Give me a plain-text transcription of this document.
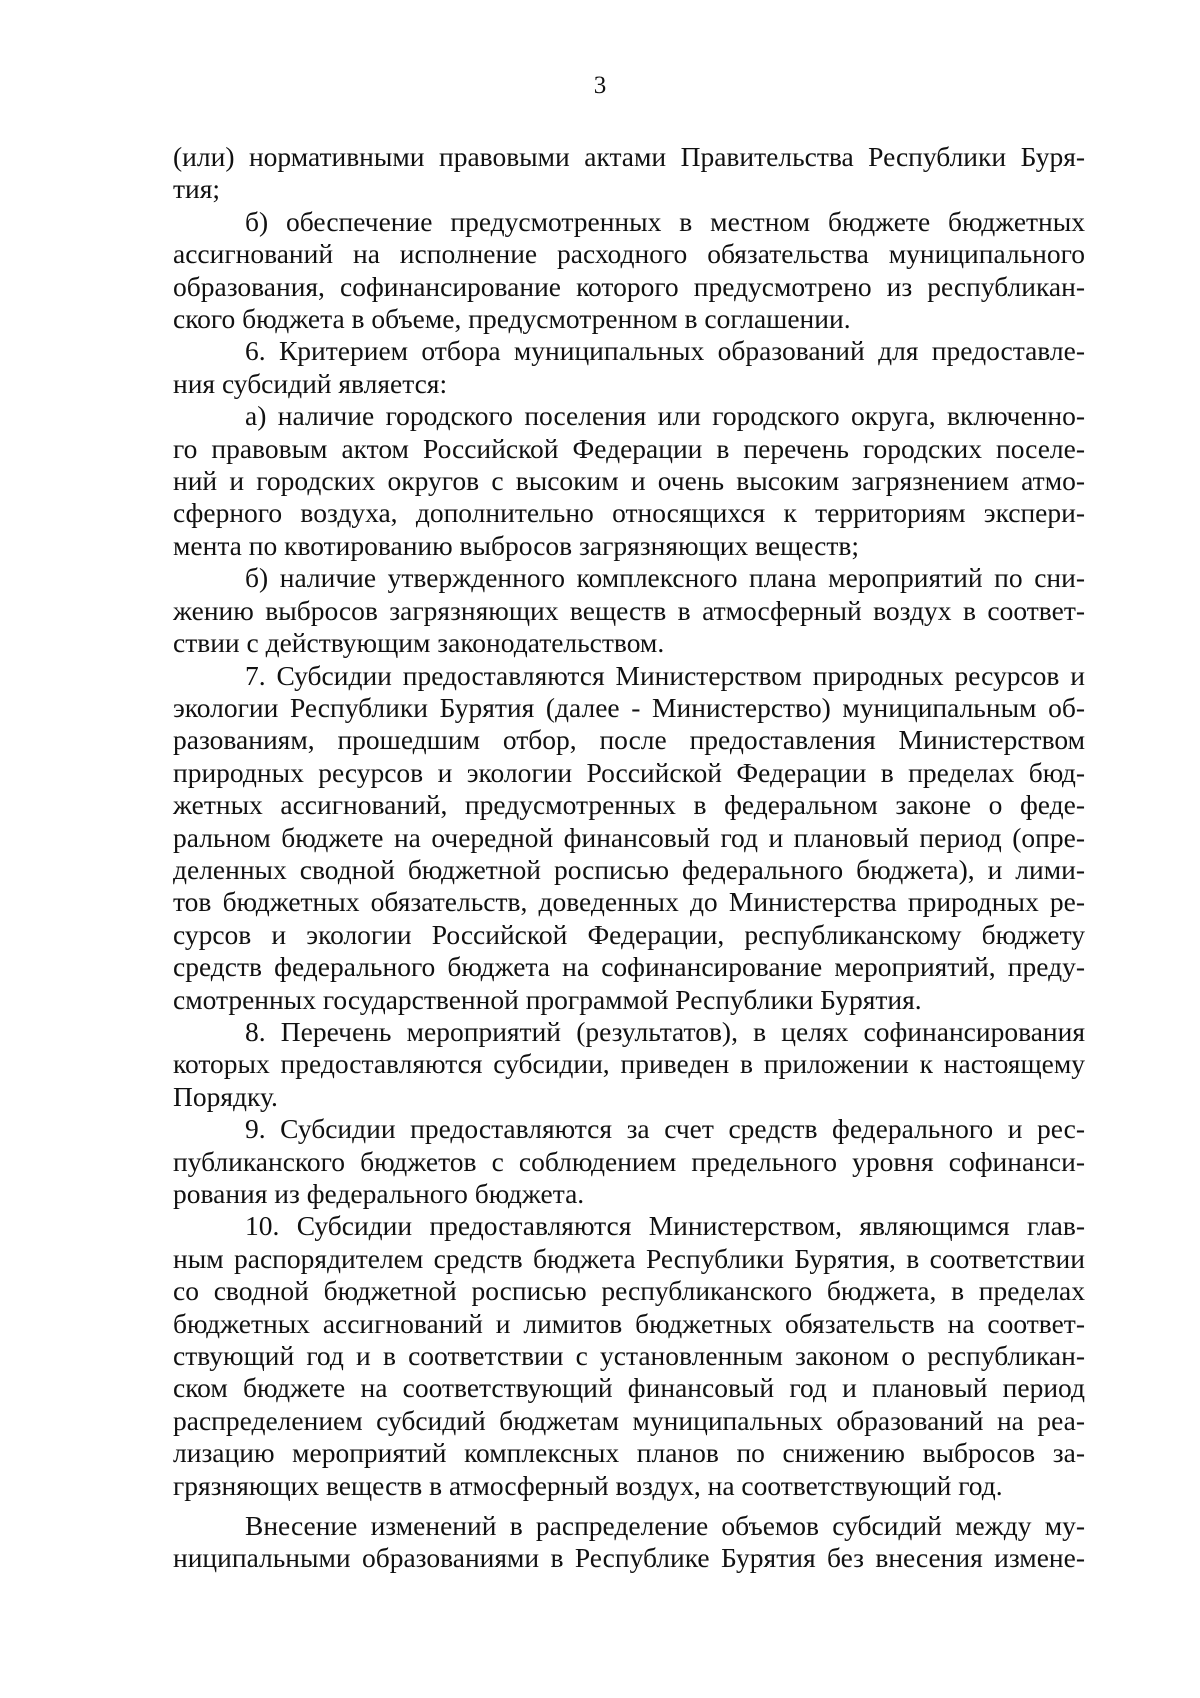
3

(или) нормативными правовыми актами Правительства Республики Буря-

тия;

б) обеспечение предусмотренных в местном бюджете бюджетных

ассигнований на исполнение расходного обязательства муниципального

образования, софинансирование которого предусмотрено из республикан-

ского бюджета в объеме, предусмотренном в соглашении.

6. Критерием отбора муниципальных образований для предоставле-

ния субсидий является:

а) наличие городского поселения или городского округа, включенно-

го правовым актом Российской Федерации в перечень городских поселе-

ний и городских округов с высоким и очень высоким загрязнением атмо-

сферного воздуха, дополнительно относящихся к территориям экспери-

мента по квотированию выбросов загрязняющих веществ;

б) наличие утвержденного комплексного плана мероприятий по сни-

жению выбросов загрязняющих веществ в атмосферный воздух в соответ-

ствии с действующим законодательством.

7. Субсидии предоставляются Министерством природных ресурсов и

экологии Республики Бурятия (далее - Министерство) муниципальным об-

разованиям, прошедшим отбор, после предоставления Министерством

природных ресурсов и экологии Российской Федерации в пределах бюд-

жетных ассигнований, предусмотренных в федеральном законе о феде-

ральном бюджете на очередной финансовый год и плановый период (опре-

деленных сводной бюджетной росписью федерального бюджета), и лими-

тов бюджетных обязательств, доведенных до Министерства природных ре-

сурсов и экологии Российской Федерации, республиканскому бюджету

средств федерального бюджета на софинансирование мероприятий, преду-

смотренных государственной программой Республики Бурятия.

8. Перечень мероприятий (результатов), в целях софинансирования

которых предоставляются субсидии, приведен в приложении к настоящему

Порядку.

9. Субсидии предоставляются за счет средств федерального и рес-

публиканского бюджетов с соблюдением предельного уровня софинанси-

рования из федерального бюджета.

10. Субсидии предоставляются Министерством, являющимся глав-

ным распорядителем средств бюджета Республики Бурятия, в соответствии

со сводной бюджетной росписью республиканского бюджета, в пределах

бюджетных ассигнований и лимитов бюджетных обязательств на соответ-

ствующий год и в соответствии с установленным законом о республикан-

ском бюджете на соответствующий финансовый год и плановый период

распределением субсидий бюджетам муниципальных образований на реа-

лизацию мероприятий комплексных планов по снижению выбросов за-

грязняющих веществ в атмосферный воздух, на соответствующий год.

Внесение изменений в распределение объемов субсидий между му-

ниципальными образованиями в Республике Бурятия без внесения измене-
